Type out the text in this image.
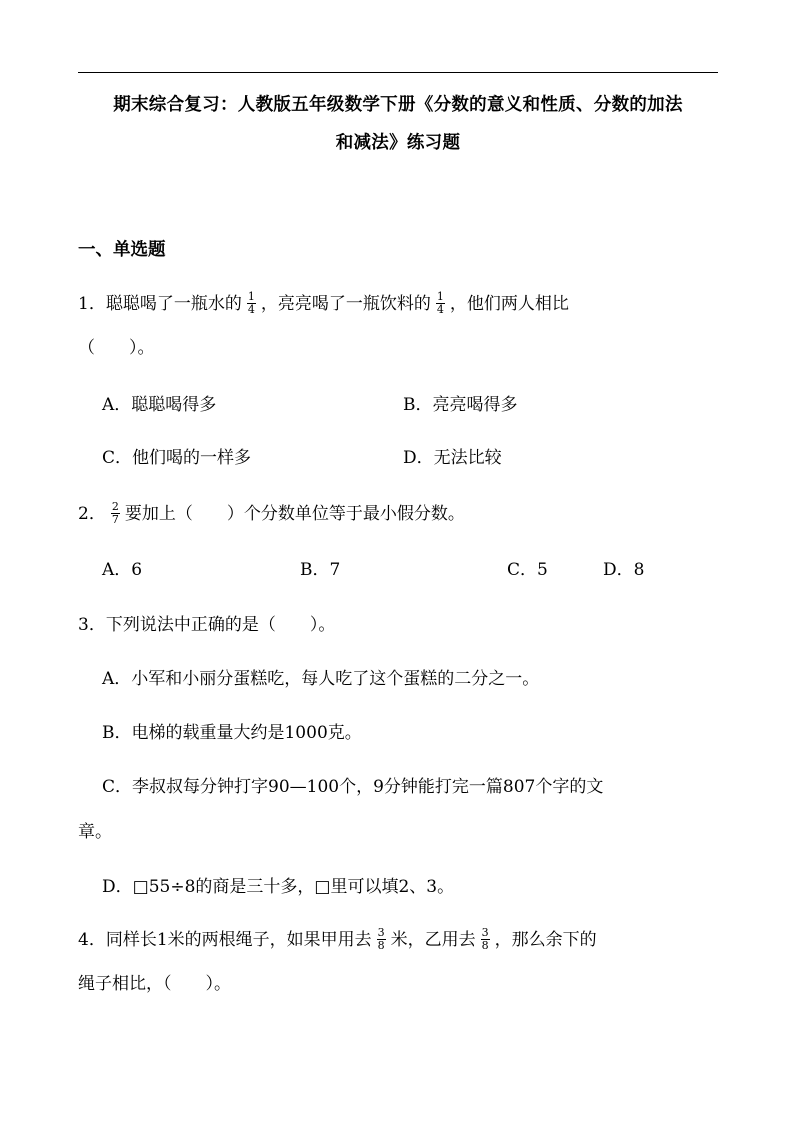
期末综合复习：人教版五年级数学下册《分数的意义和性质、分数的加法
和减法》练习题
一、单选题
1．聪聪喝了一瓶水的 $\frac{1}{4}$ ，亮亮喝了一瓶饮料的 $\frac{1}{4}$ ，他们两人相比
（　　）。
A．聪聪喝得多	B．亮亮喝得多
C．他们喝的一样多	D．无法比较
2． $\frac{2}{7}$ 要加上（　　）个分数单位等于最小假分数。
A．6	B．7	C．5	D．8
3．下列说法中正确的是（　　）。
A．小军和小丽分蛋糕吃，每人吃了这个蛋糕的二分之一。
B．电梯的载重量大约是1000克。
C．李叔叔每分钟打字90—100个，9分钟能打完一篇807个字的文
章。
D．□55÷8的商是三十多，□里可以填2、3。
4．同样长1米的两根绳子，如果甲用去 $\frac{3}{8}$ 米，乙用去 $\frac{3}{8}$ ，那么余下的
绳子相比，（　　）。
